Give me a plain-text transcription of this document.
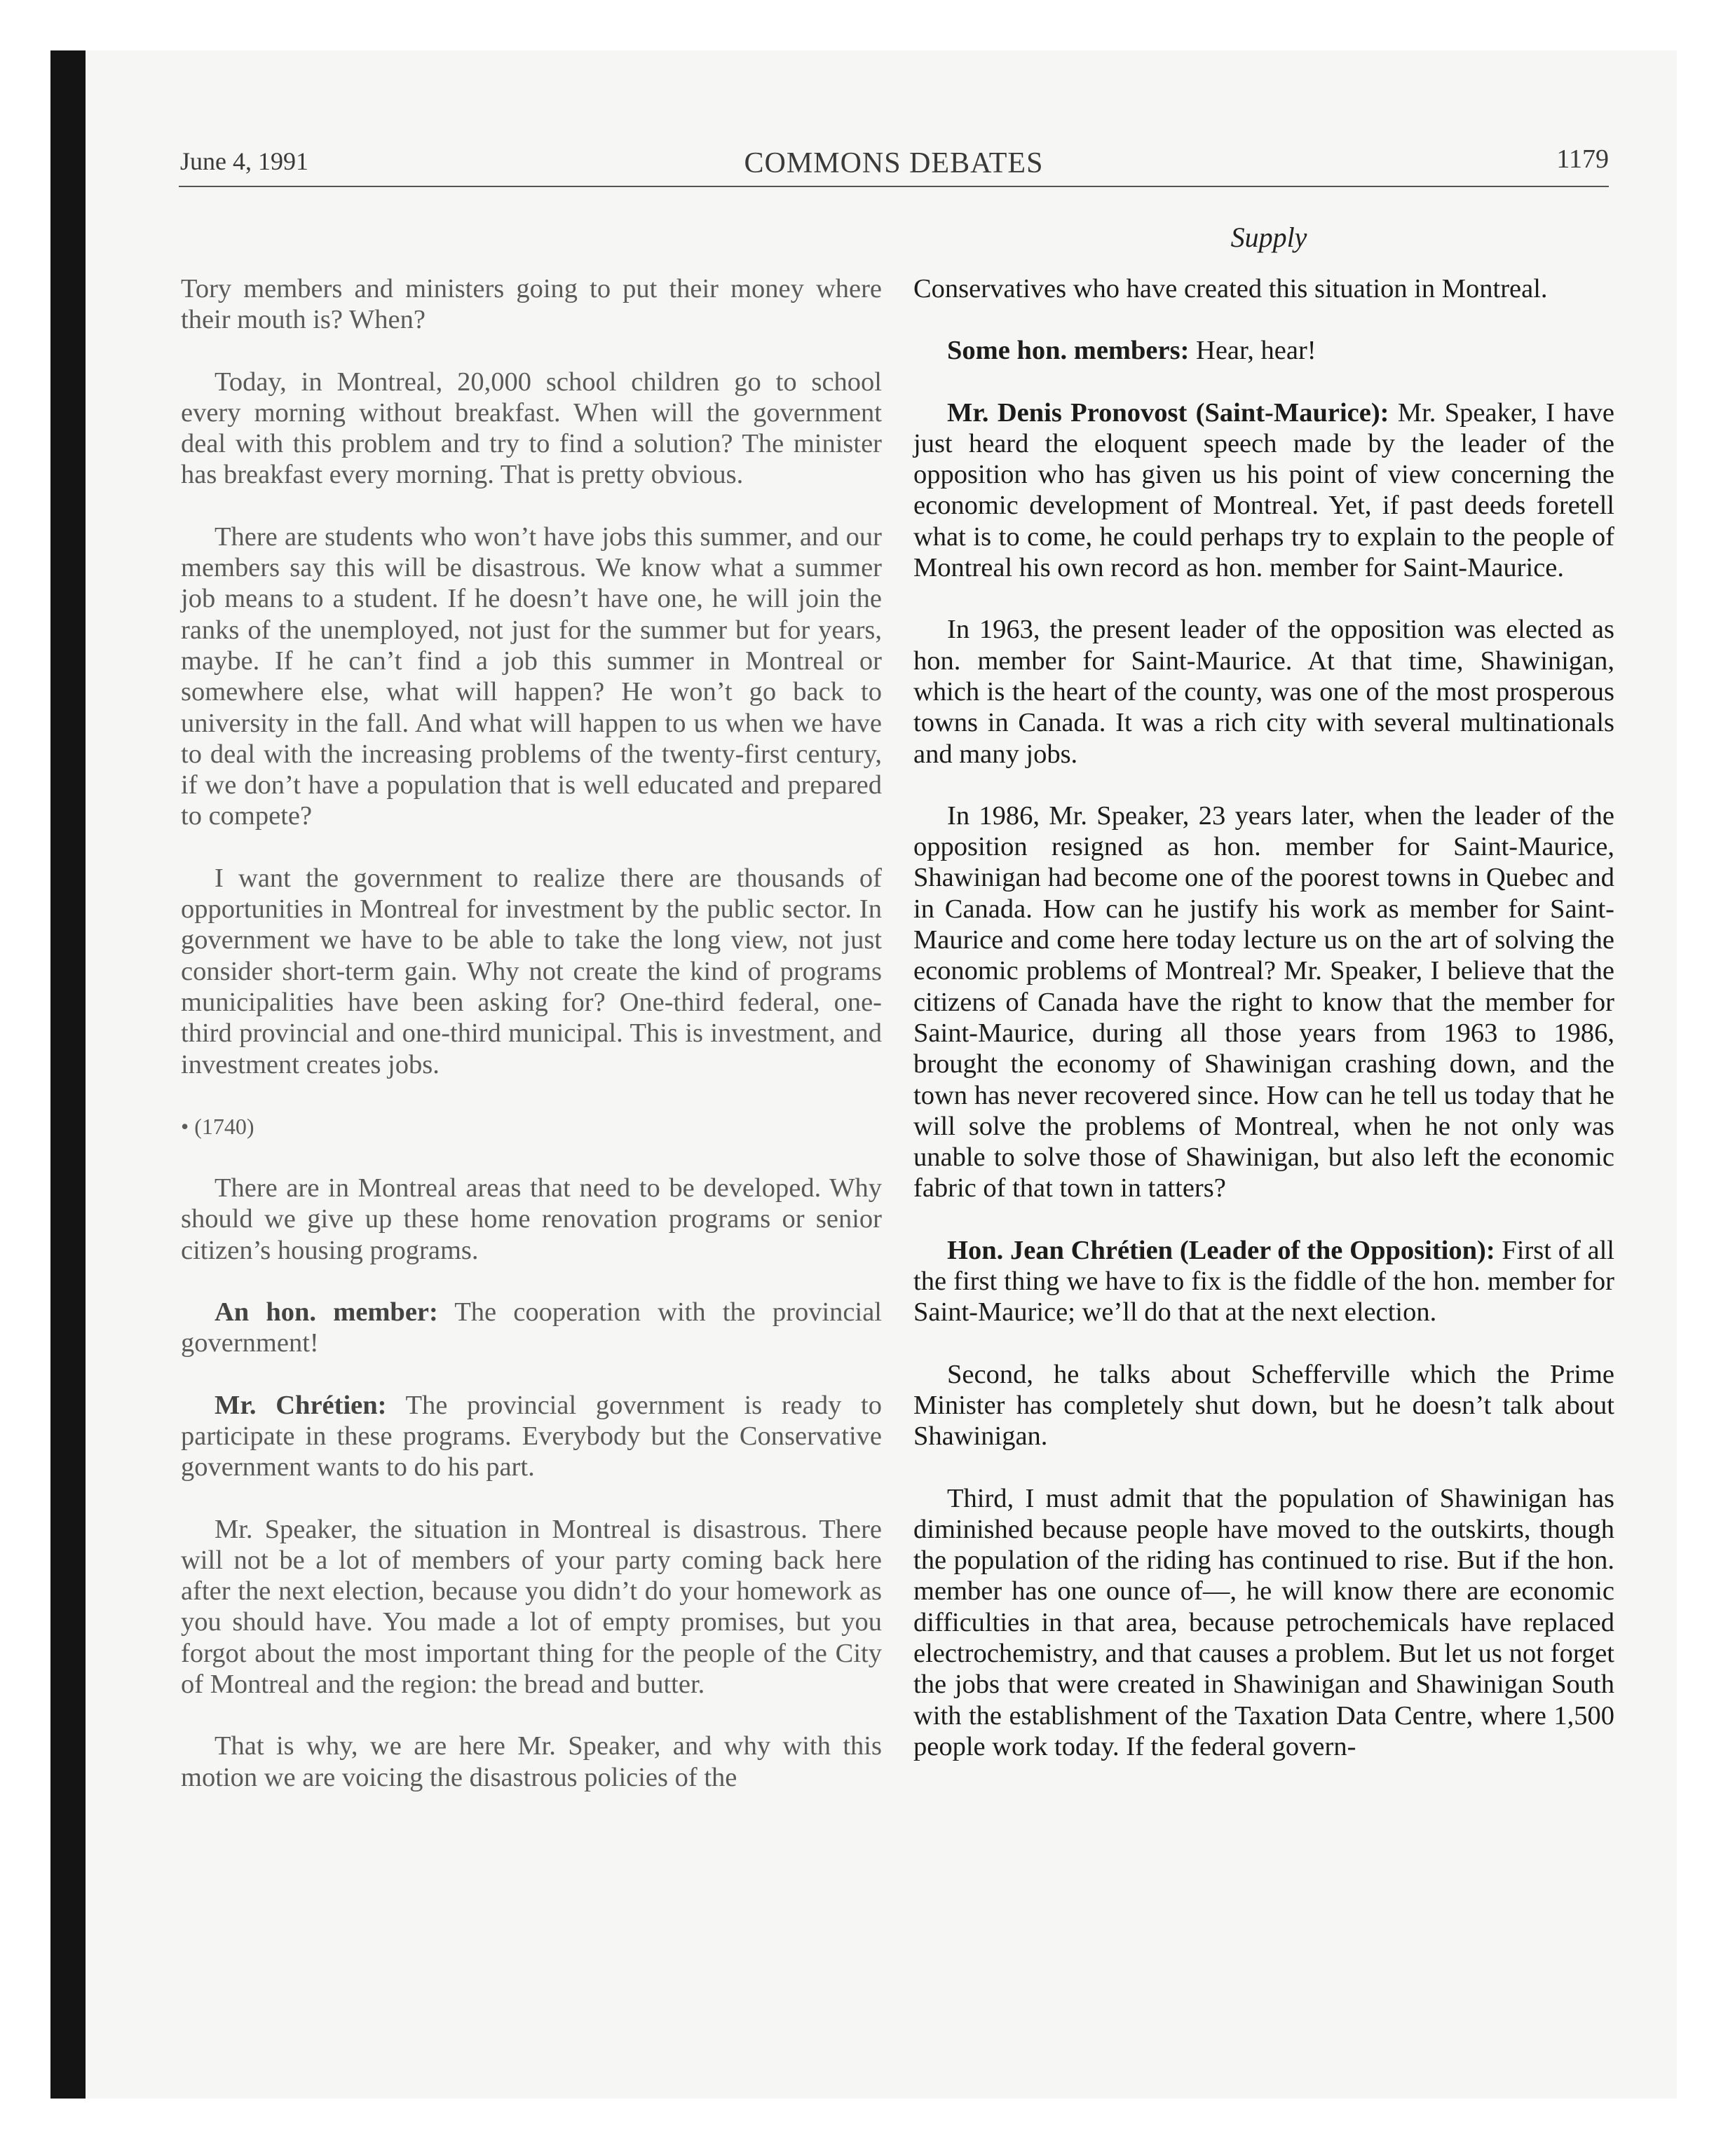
June 4, 1991	COMMONS DEBATES	1179
Supply

Tory members and ministers going to put their money where their mouth is? When?

Today, in Montreal, 20,000 school children go to school every morning without breakfast. When will the government deal with this problem and try to find a solution? The minister has breakfast every morning. That is pretty obvious.

There are students who won’t have jobs this summer, and our members say this will be disastrous. We know what a summer job means to a student. If he doesn’t have one, he will join the ranks of the unemployed, not just for the summer but for years, maybe. If he can’t find a job this summer in Montreal or somewhere else, what will happen? He won’t go back to university in the fall. And what will happen to us when we have to deal with the increasing problems of the twenty-first century, if we don’t have a population that is well educated and prepared to compete?

I want the government to realize there are thousands of opportunities in Montreal for investment by the public sector. In government we have to be able to take the long view, not just consider short-term gain. Why not create the kind of programs municipalities have been asking for? One-third federal, one-third provincial and one-third municipal. This is investment, and investment creates jobs.

• (1740)

There are in Montreal areas that need to be developed. Why should we give up these home renovation programs or senior citizen’s housing programs.

An hon. member: The cooperation with the provincial government!

Mr. Chrétien: The provincial government is ready to participate in these programs. Everybody but the Conservative government wants to do his part.

Mr. Speaker, the situation in Montreal is disastrous. There will not be a lot of members of your party coming back here after the next election, because you didn’t do your homework as you should have. You made a lot of empty promises, but you forgot about the most important thing for the people of the City of Montreal and the region: the bread and butter.

That is why, we are here Mr. Speaker, and why with this motion we are voicing the disastrous policies of the

Conservatives who have created this situation in Montreal.

Some hon. members: Hear, hear!

Mr. Denis Pronovost (Saint-Maurice): Mr. Speaker, I have just heard the eloquent speech made by the leader of the opposition who has given us his point of view concerning the economic development of Montreal. Yet, if past deeds foretell what is to come, he could perhaps try to explain to the people of Montreal his own record as hon. member for Saint-Maurice.

In 1963, the present leader of the opposition was elected as hon. member for Saint-Maurice. At that time, Shawinigan, which is the heart of the county, was one of the most prosperous towns in Canada. It was a rich city with several multinationals and many jobs.

In 1986, Mr. Speaker, 23 years later, when the leader of the opposition resigned as hon. member for Saint-Maurice, Shawinigan had become one of the poorest towns in Quebec and in Canada. How can he justify his work as member for Saint-Maurice and come here today lecture us on the art of solving the economic problems of Montreal? Mr. Speaker, I believe that the citizens of Canada have the right to know that the member for Saint-Maurice, during all those years from 1963 to 1986, brought the economy of Shawinigan crashing down, and the town has never recovered since. How can he tell us today that he will solve the problems of Montreal, when he not only was unable to solve those of Shawinigan, but also left the economic fabric of that town in tatters?

Hon. Jean Chrétien (Leader of the Opposition): First of all the first thing we have to fix is the fiddle of the hon. member for Saint-Maurice; we’ll do that at the next election.

Second, he talks about Schefferville which the Prime Minister has completely shut down, but he doesn’t talk about Shawinigan.

Third, I must admit that the population of Shawinigan has diminished because people have moved to the outskirts, though the population of the riding has continued to rise. But if the hon. member has one ounce of—, he will know there are economic difficulties in that area, because petrochemicals have replaced electrochemistry, and that causes a problem. But let us not forget the jobs that were created in Shawinigan and Shawinigan South with the establishment of the Taxation Data Centre, where 1,500 people work today. If the federal govern-
